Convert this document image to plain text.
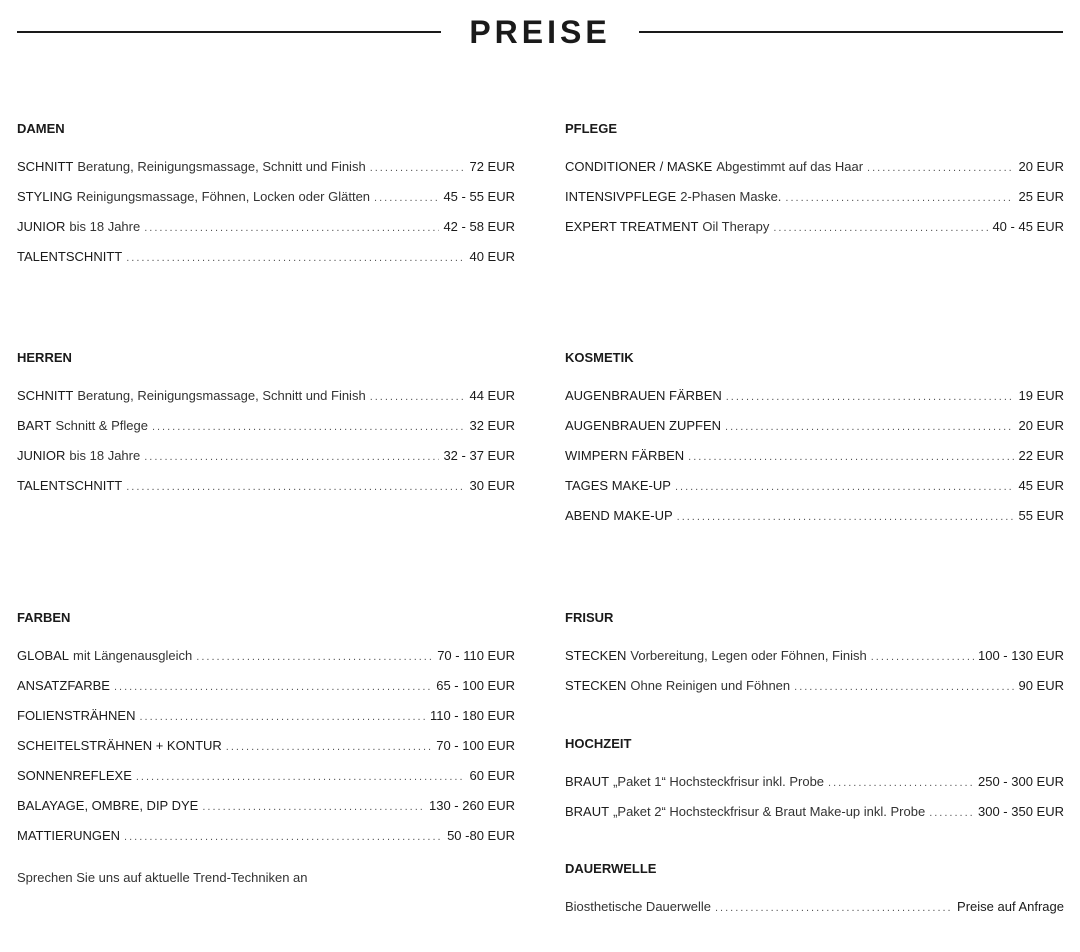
PREISE
DAMEN
SCHNITT Beratung, Reinigungsmassage, Schnitt und Finish .....	72 EUR
STYLING Reinigungsmassage, Föhnen, Locken oder Glätten .....	45 - 55 EUR
JUNIOR bis 18 Jahre .....	42 - 58 EUR
TALENTSCHNITT .....	40 EUR
HERREN
SCHNITT Beratung, Reinigungsmassage, Schnitt und Finish .....	44 EUR
BART Schnitt & Pflege .....	32 EUR
JUNIOR bis 18 Jahre .....	32 - 37 EUR
TALENTSCHNITT .....	30 EUR
FARBEN
GLOBAL mit Längenausgleich .....	70 - 110 EUR
ANSATZFARBE .....	65 - 100 EUR
FOLIENSTRÄHNEN .....	110 - 180 EUR
SCHEITELSTRÄHNEN + KONTUR .....	70 - 100 EUR
SONNENREFLEXE .....	60 EUR
BALAYAGE, OMBRE, DIP DYE .....	130 - 260 EUR
MATTIERUNGEN .....	50 -80 EUR
Sprechen Sie uns auf aktuelle Trend-Techniken an
PFLEGE
CONDITIONER / MASKE Abgestimmt auf das Haar .....	20 EUR
INTENSIVPFLEGE 2-Phasen Maske. .....	25 EUR
EXPERT TREATMENT Oil Therapy .....	40 - 45 EUR
KOSMETIK
AUGENBRAUEN FÄRBEN .....	19 EUR
AUGENBRAUEN ZUPFEN .....	20 EUR
WIMPERN FÄRBEN .....	22 EUR
TAGES MAKE-UP .....	45 EUR
ABEND MAKE-UP .....	55 EUR
FRISUR
STECKEN Vorbereitung, Legen oder Föhnen, Finish .....	100 - 130 EUR
STECKEN Ohne Reinigen und Föhnen .....	90 EUR
HOCHZEIT
BRAUT „Paket 1“ Hochsteckfrisur inkl. Probe .....	250 - 300 EUR
BRAUT „Paket 2“ Hochsteckfrisur & Braut Make-up inkl. Probe .....	300 - 350 EUR
DAUERWELLE
Biosthetische Dauerwelle .....	Preise auf Anfrage
